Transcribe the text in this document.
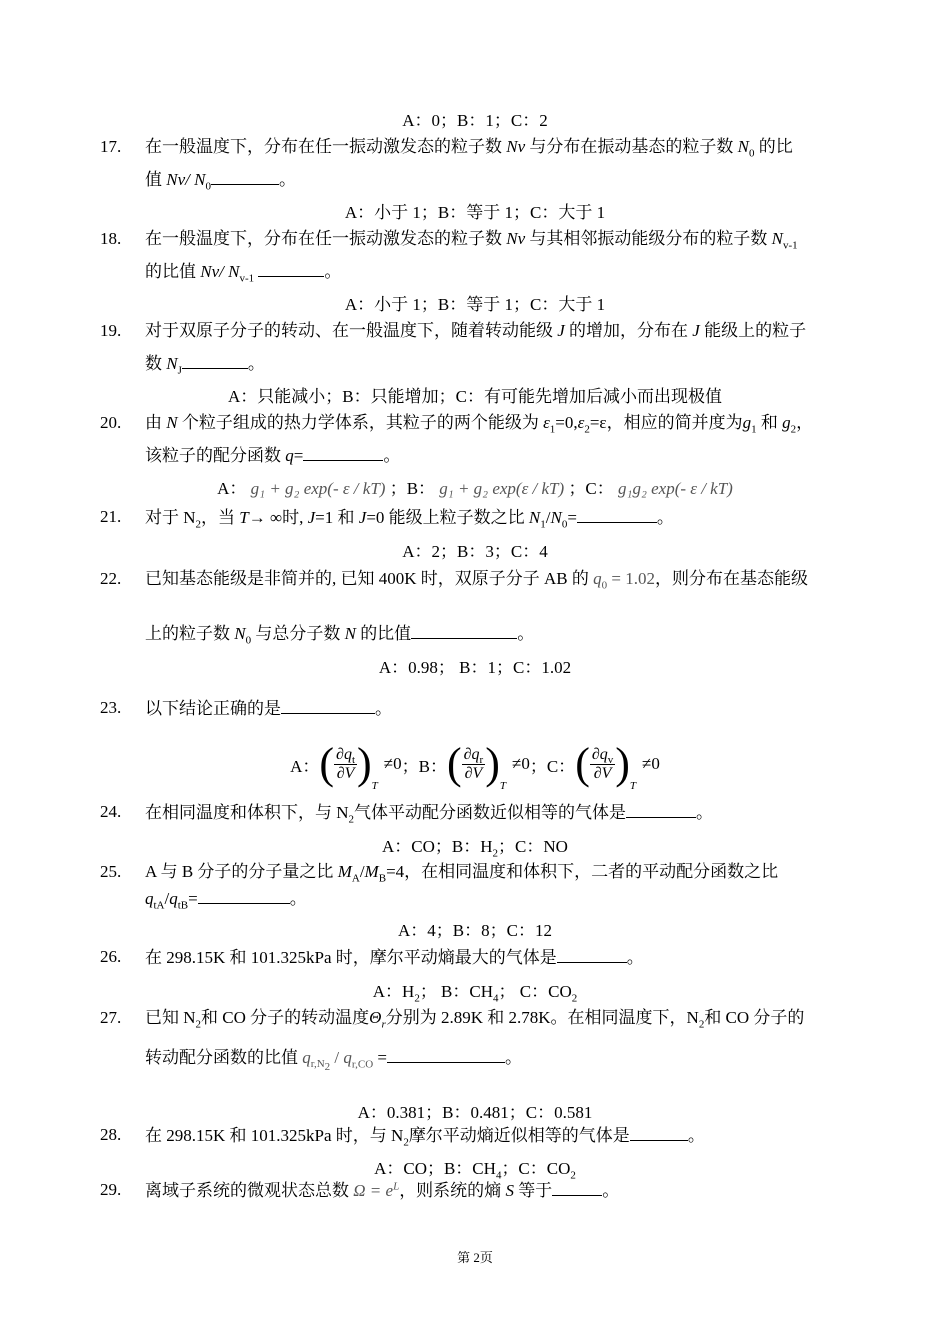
A：0；B：1；C：2
17.	在一般温度下，分布在任一振动激发态的粒子数 Nv 与分布在振动基态的粒子数 $N_0$ 的比
值 Nv/ $N_0$	。
A：小于 1；B：等于 1；C：大于 1
18.	在一般温度下，分布在任一振动激发态的粒子数 Nv 与其相邻振动能级分布的粒子数 $N_{v-1}$
的比值 Nv/ $N_{v-1}$	。
A：小于 1；B：等于 1；C：大于 1
19.	对于双原子分子的转动、在一般温度下，随着转动能级 J 的增加，分布在 J 能级上的粒子
数 $N_J$	。
A：只能减小；B：只能增加；C：有可能先增加后减小而出现极值
20.	由 N 个粒子组成的热力学体系，其粒子的两个能级为 $\varepsilon_1=0,\varepsilon_2=\varepsilon$，相应的简并度为$g_1$ 和 $g_2$，
该粒子的配分函数 q=	。
A： g₁ + g₂ exp(- ε / kT) ；B： g₁ + g₂ exp(ε / kT) ；C： g₁g₂ exp(- ε / kT)
21.	对于 $N_2$，当 T→ ∞时, J=1 和 J=0 能级上粒子数之比 $N_1/N_0=$	。
A：2；B：3；C：4
22.	已知基态能级是非简并的, 已知 400K 时，双原子分子 AB 的 $q_0 = 1.02$，则分布在基态能级
上的粒子数 $N_0$ 与总分子数 N 的比值	。
A：0.98； B：1；C：1.02
23.	以下结论正确的是	。
A： ( $\frac{\partial q_t}{\partial V}$ ) T
≠0 ；B： ( $\frac{\partial q_r}{\partial V}$ ) T
≠0 ；C： ( $\frac{\partial q_v}{\partial V}$ ) T
≠0
24.	在相同温度和体积下，与 $N_2$气体平动配分函数近似相等的气体是	。
A：CO；B：$H_2$；C：NO
25.	A 与 B 分子的分子量之比 $M_A/M_B=4$，在相同温度和体积下，二者的平动配分函数之比
$q_{tA}/q_{tB}=$	。
A：4；B：8；C：12
26.	在 298.15K 和 101.325kPa 时，摩尔平动熵最大的气体是	。
A：$H_2$； B：$CH_4$； C：$CO_2$
27.	已知 $N_2$和 CO 分子的转动温度$\Theta_r$分别为 2.89K 和 2.78K。在相同温度下，$N_2$和 CO 分子的
转动配分函数的比值 $q_{r,N_2} / q_{r,CO}$ =	。
A：0.381；B：0.481；C：0.581
28.	在 298.15K 和 101.325kPa 时，与 $N_2$摩尔平动熵近似相等的气体是	。
A：CO；B：$CH_4$；C：$CO_2$
29.	离域子系统的微观状态总数 $\Omega = e^L$，则系统的熵 S 等于	。
第 2页
